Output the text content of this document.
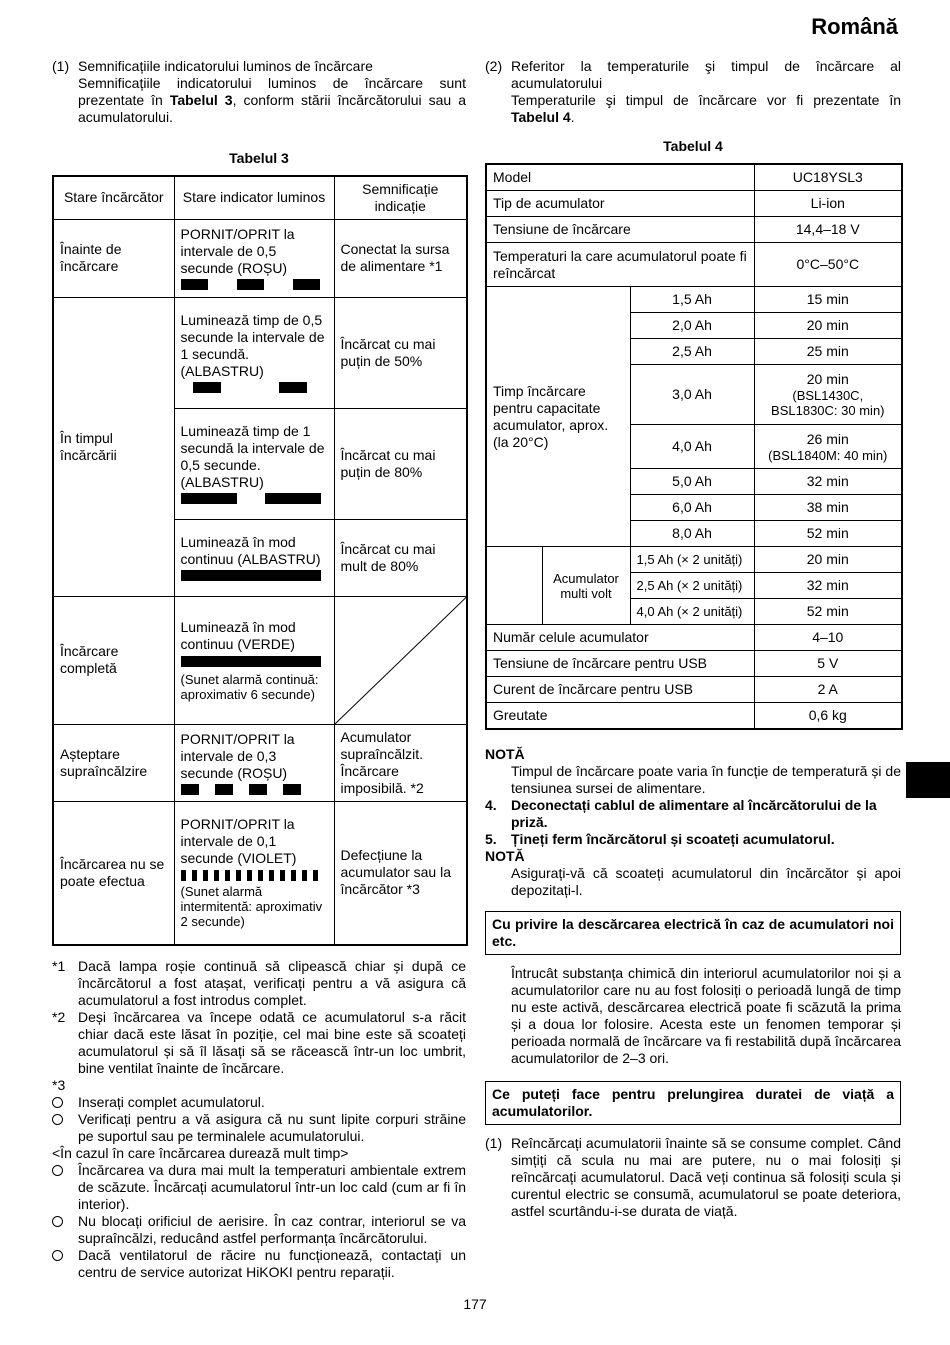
Română
(1) Semnificațiile indicatorului luminos de încărcare
Semnificațiile indicatorului luminos de încărcare sunt prezentate în Tabelul 3, conform stării încărcătorului sau a acumulatorului.

Tabelul 3

Stare încărcător	Stare indicator luminos	Semnificație indicație
Înainte de încărcare	PORNIT/OPRIT la intervale de 0,5 secunde (ROȘU)	Conectat la sursa de alimentare *1
În timpul încărcării	Luminează timp de 0,5 secunde la intervale de 1 secundă. (ALBASTRU)	Încărcat cu mai puțin de 50%

	Luminează timp de 1 secundă la intervale de 0,5 secunde. (ALBASTRU)	Încărcat cu mai puțin de 80%

	Luminează în mod continuu (ALBASTRU)	Încărcat cu mai mult de 80%
Încărcare completă	Luminează în mod continuu (VERDE)
(Sunet alarmă continuă: aproximativ 6 secunde)

Așteptare supraîncălzire	PORNIT/OPRIT la intervale de 0,3 secunde (ROȘU)	Acumulator supraîncălzit. Încărcare imposibilă. *2
Încărcarea nu se poate efectua	PORNIT/OPRIT la intervale de 0,1 secunde (VIOLET)
(Sunet alarmă intermitentă: aproximativ 2 secunde)	Defecțiune la acumulator sau la încărcător *3
*1 Dacă lampa roșie continuă să clipească chiar și după ce încărcătorul a fost atașat, verificați pentru a vă asigura că acumulatorul a fost introdus complet.
*2 Deși încărcarea va începe odată ce acumulatorul s-a răcit chiar dacă este lăsat în poziție, cel mai bine este să scoateți acumulatorul și să îl lăsați să se răcească într-un loc umbrit, bine ventilat înainte de încărcare.
*3

Inserați complet acumulatorul.
Verificați pentru a vă asigura că nu sunt lipite corpuri străine pe suportul sau pe terminalele acumulatorului.
<În cazul în care încărcarea durează mult timp>
Încărcarea va dura mai mult la temperaturi ambientale extrem de scăzute. Încărcați acumulatorul într-un loc cald (cum ar fi în interior).
Nu blocați orificiul de aerisire. În caz contrar, interiorul se va supraîncălzi, reducând astfel performanța încărcătorului.
Dacă ventilatorul de răcire nu funcționează, contactați un centru de service autorizat HiKOKI pentru reparații.
(2) Referitor la temperaturile şi timpul de încărcare al acumulatorului
Temperaturile şi timpul de încărcare vor fi prezentate în Tabelul 4.

Tabelul 4

Model			UC18YSL3
Tip de acumulator			Li-ion
Tensiune de încărcare			14,4–18 V
Temperaturi la care acumulatorul poate fi reîncărcat			0°C–50°C
Timp încărcare pentru capacitate acumulator, aprox. (la 20°C)		1,5 Ah	15 min
		2,0 Ah	20 min
		2,5 Ah	25 min
		3,0 Ah	20 min
(BSL1430C, BSL1830C: 30 min)

		4,0 Ah	26 min
(BSL1840M: 40 min)

		5,0 Ah	32 min
		6,0 Ah	38 min
		8,0 Ah	52 min
	Acumulator multi volt	1,5 Ah (× 2 unități)	20 min
		2,5 Ah (× 2 unități)	32 min
		4,0 Ah (× 2 unități)	52 min
Număr celule acumulator			4–10
Tensiune de încărcare pentru USB			5 V
Curent de încărcare pentru USB			2 A
Greutate			0,6 kg
NOTĂ
Timpul de încărcare poate varia în funcție de temperatură și de tensiunea sursei de alimentare.
4. Deconectați cablul de alimentare al încărcătorului de la priză.
5. Țineți ferm încărcătorul și scoateți acumulatorul.
NOTĂ
Asigurați-vă că scoateți acumulatorul din încărcător și apoi depozitați-l.
Cu privire la descărcarea electrică în caz de acumulatori noi etc.
Întrucât substanța chimică din interiorul acumulatorilor noi și a acumulatorilor care nu au fost folosiți o perioadă lungă de timp nu este activă, descărcarea electrică poate fi scăzută la prima și a doua lor folosire. Acesta este un fenomen temporar și perioada normală de încărcare va fi restabilită după încărcarea acumulatorilor de 2–3 ori.
Ce puteți face pentru prelungirea duratei de viață a acumulatorilor.
(1) Reîncărcați acumulatorii înainte să se consume complet. Când simțiți că scula nu mai are putere, nu o mai folosiți și reîncărcați acumulatorul. Dacă veți continua să folosiți scula și curentul electric se consumă, acumulatorul se poate deteriora, astfel scurtându-i-se durata de viață.
177
